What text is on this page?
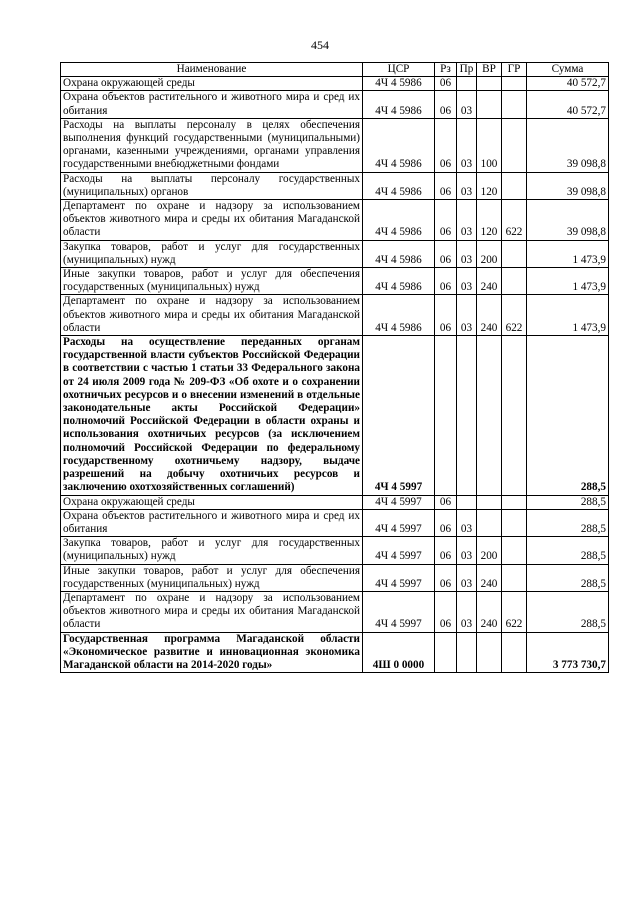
454
Наименование	ЦСР	Рз	Пр	ВР	ГР	Сумма
Охрана окружающей среды	4Ч 4 5986	06				40 572,7
Охрана объектов растительного и животного мира и сред их обитания	4Ч 4 5986	06	03			40 572,7
Расходы на выплаты персоналу в целях обеспечения выполнения функций государственными (муниципальными) органами, казенными учреждениями, органами управления государственными внебюджетными фондами	4Ч 4 5986	06	03	100		39 098,8
Расходы на выплаты персоналу государственных (муниципальных) органов	4Ч 4 5986	06	03	120		39 098,8
Департамент по охране и надзору за использованием объектов животного мира и среды их обитания Магаданской области	4Ч 4 5986	06	03	120	622	39 098,8
Закупка товаров, работ и услуг для государственных (муниципальных) нужд	4Ч 4 5986	06	03	200		1 473,9
Иные закупки товаров, работ и услуг для обеспечения государственных (муниципальных) нужд	4Ч 4 5986	06	03	240		1 473,9
Департамент по охране и надзору за использованием объектов животного мира и среды их обитания Магаданской области	4Ч 4 5986	06	03	240	622	1 473,9
Расходы на осуществление переданных органам государственной власти субъектов Российской Федерации в соответствии с частью 1 статьи 33 Федерального закона от 24 июля 2009 года № 209-ФЗ «Об охоте и о сохранении охотничьих ресурсов и о внесении изменений в отдельные законодательные акты Российской Федерации» полномочий Российской Федерации в области охраны и использования охотничьих ресурсов (за исключением полномочий Российской Федерации по федеральному государственному охотничьему надзору, выдаче разрешений на добычу охотничьих ресурсов и заключению охотхозяйственных соглашений)	4Ч 4 5997					288,5
Охрана окружающей среды	4Ч 4 5997	06				288,5
Охрана объектов растительного и животного мира и сред их обитания	4Ч 4 5997	06	03			288,5
Закупка товаров, работ и услуг для государственных (муниципальных) нужд	4Ч 4 5997	06	03	200		288,5
Иные закупки товаров, работ и услуг для обеспечения государственных (муниципальных) нужд	4Ч 4 5997	06	03	240		288,5
Департамент по охране и надзору за использованием объектов животного мира и среды их обитания Магаданской области	4Ч 4 5997	06	03	240	622	288,5
Государственная программа Магаданской области «Экономическое развитие и инновационная экономика Магаданской области на 2014-2020 годы»	4Ш 0 0000					3 773 730,7
